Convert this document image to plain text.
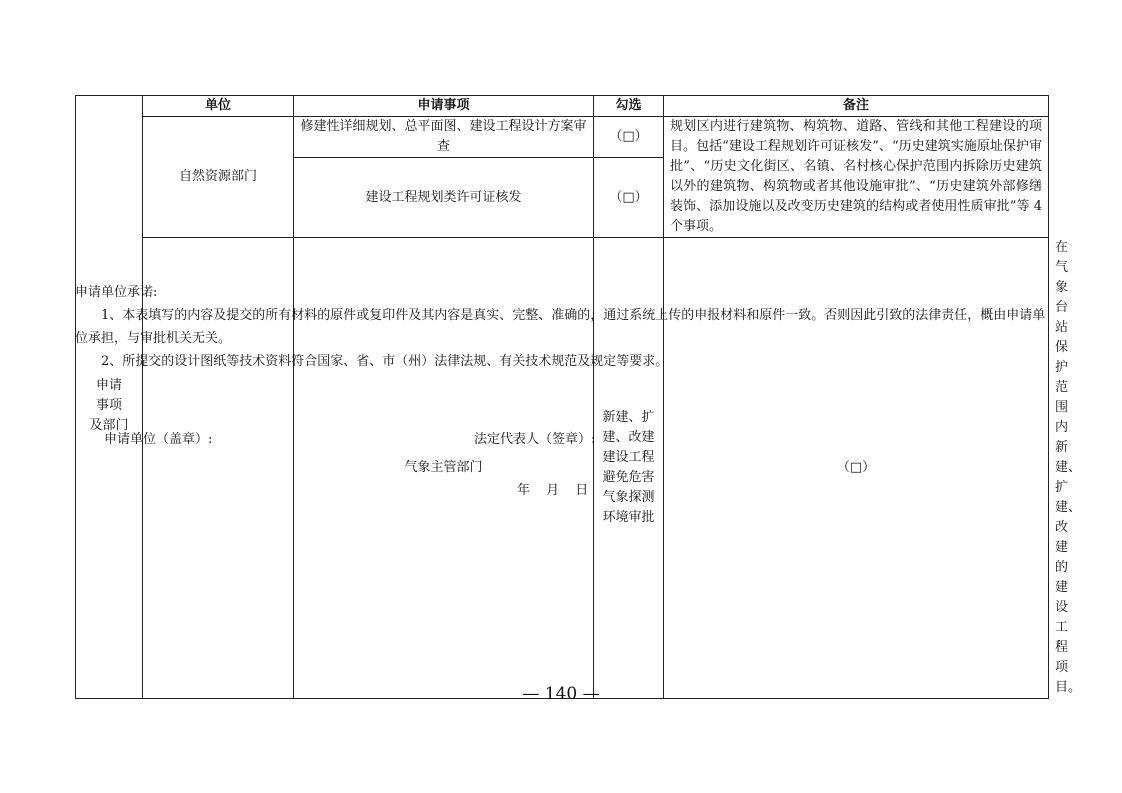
申请
事项
及部门	单位	申请事项	勾选	备注	
	自然资源部门	修建性详细规划、总平面图、建设工程设计方案审查	（□）	规划区内进行建筑物、构筑物、道路、管线和其他工程建设的项目。包括“建设工程规划许可证核发”、“历史建筑实施原址保护审批”、“历史文化街区、名镇、名村核心保护范围内拆除历史建筑以外的建筑物、构筑物或者其他设施审批”、“历史建筑外部修缮装饰、添加设施以及改变历史建筑的结构或者使用性质审批”等 4 个事项。	
		建设工程规划类许可证核发	（□）		
		气象主管部门	新建、扩建、改建建设工程避免危害气象探测环境审批	（□）	在气象台站保护范围内新建、扩建、改建的建设工程项目。

申请单位承诺:

1、本表填写的内容及提交的所有材料的原件或复印件及其内容是真实、完整、准确的，通过系统上传的申报材料和原件一致。否则因此引致的法律责任，概由申请单位承担，与审批机关无关。

2、所提交的设计图纸等技术资料符合国家、省、市（州）法律法规、有关技术规范及规定等要求。

申请单位（盖章）:	法定代表人（签章）:
年 月 日
— 140 —
